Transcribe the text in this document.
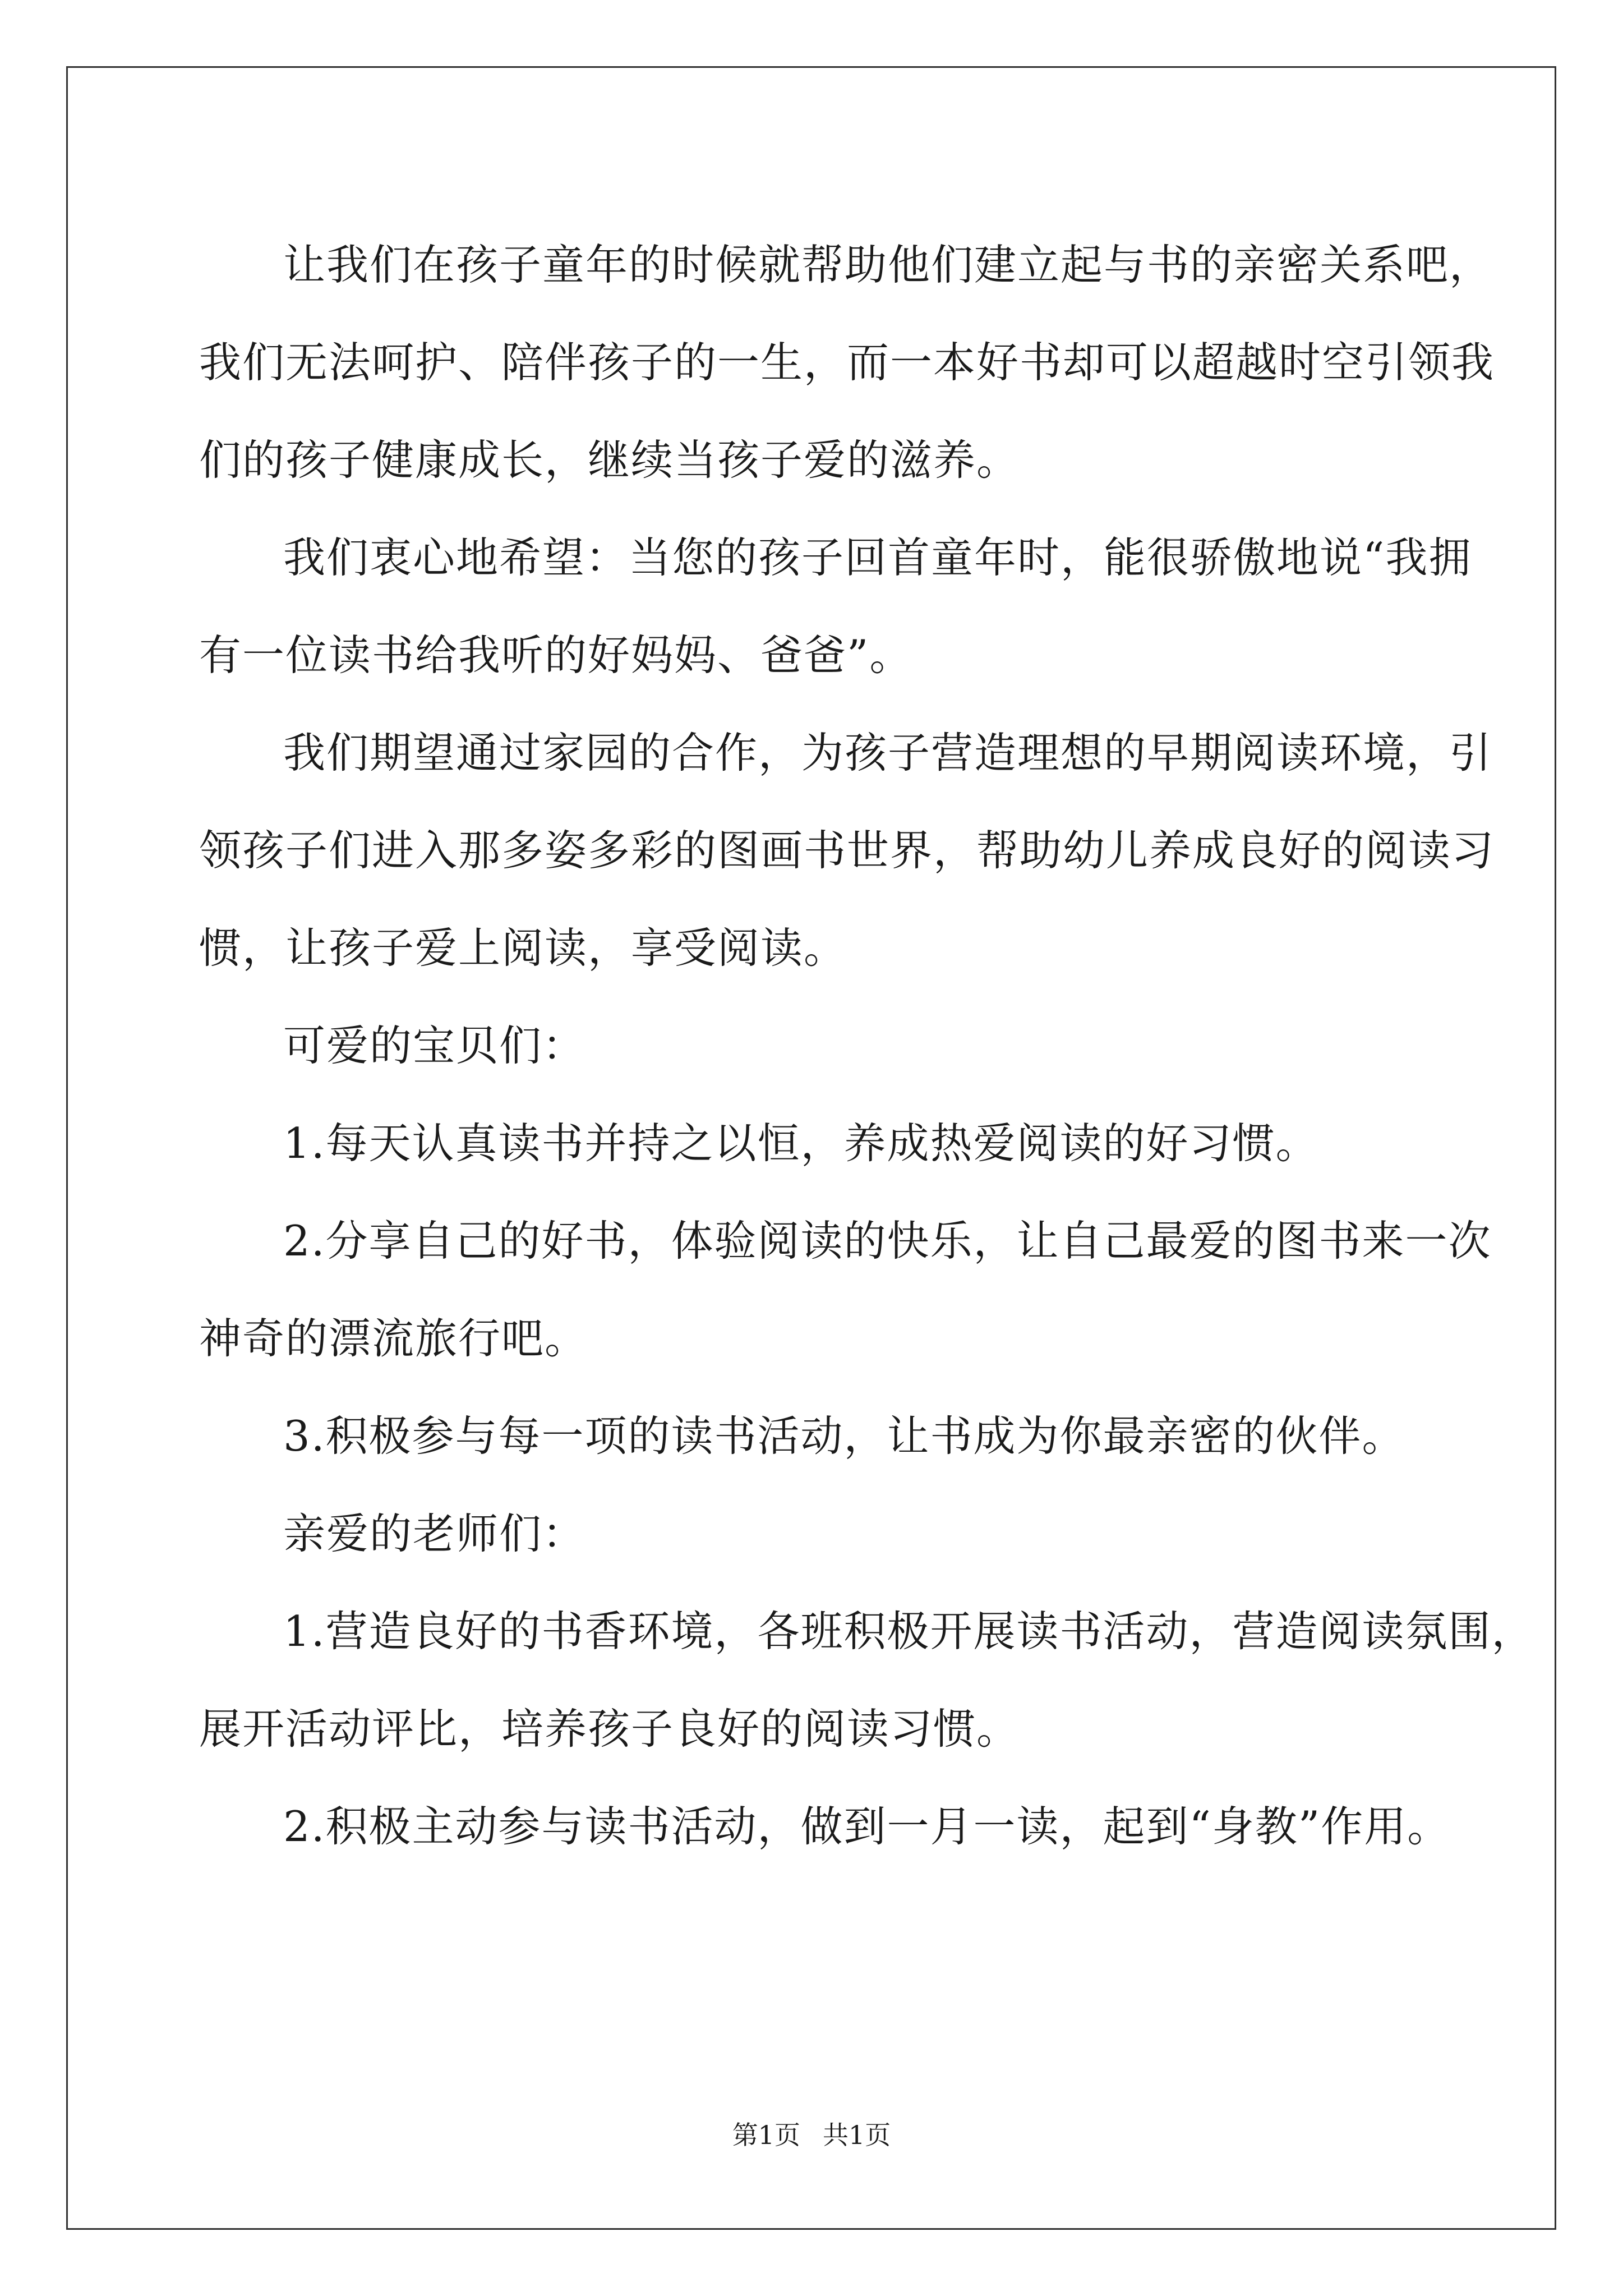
让我们在孩子童年的时候就帮助他们建立起与书的亲密关系吧，
我们无法呵护、陪伴孩子的一生，而一本好书却可以超越时空引领我
们的孩子健康成长，继续当孩子爱的滋养。
我们衷心地希望：当您的孩子回首童年时，能很骄傲地说“我拥
有一位读书给我听的好妈妈、爸爸”。
我们期望通过家园的合作，为孩子营造理想的早期阅读环境，引
领孩子们进入那多姿多彩的图画书世界，帮助幼儿养成良好的阅读习
惯，让孩子爱上阅读，享受阅读。
可爱的宝贝们：
1.每天认真读书并持之以恒，养成热爱阅读的好习惯。
2.分享自己的好书，体验阅读的快乐，让自己最爱的图书来一次
神奇的漂流旅行吧。
3.积极参与每一项的读书活动，让书成为你最亲密的伙伴。
亲爱的老师们：
1.营造良好的书香环境，各班积极开展读书活动，营造阅读氛围，
展开活动评比，培养孩子良好的阅读习惯。
2.积极主动参与读书活动，做到一月一读，起到“身教”作用。
第1页 共1页
